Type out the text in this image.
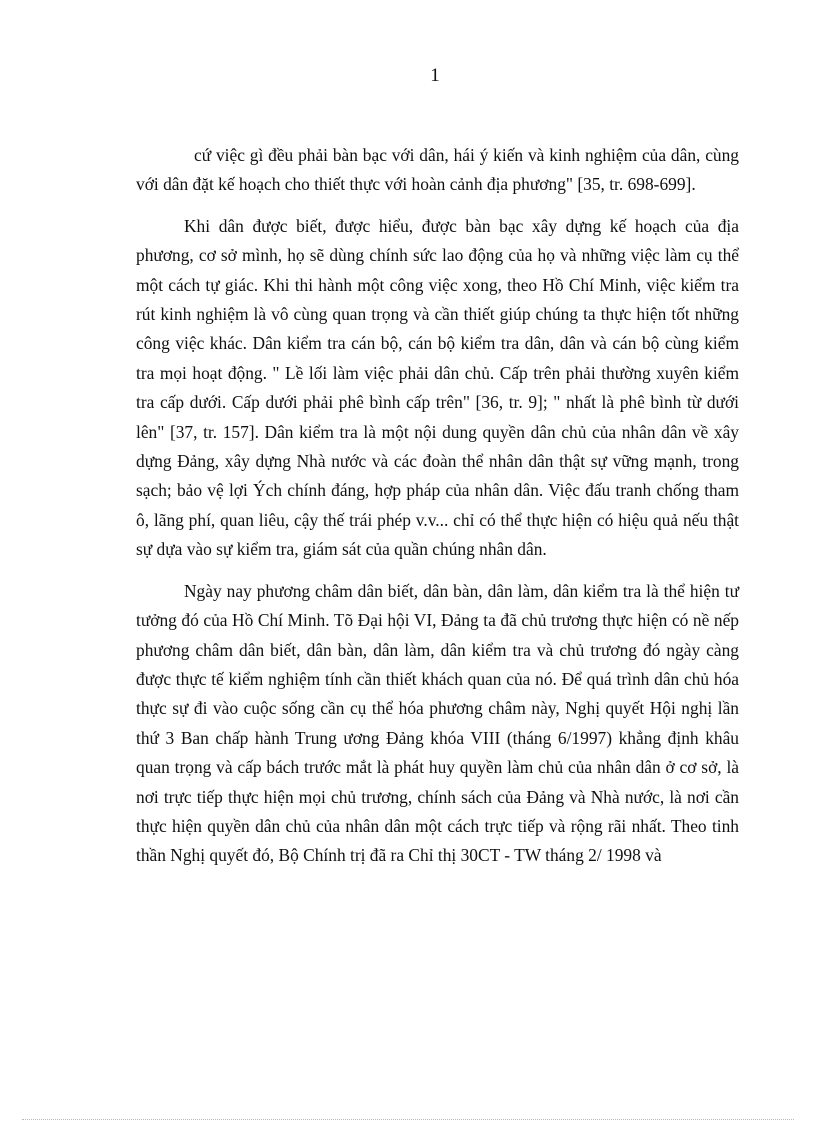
1

cứ việc gì đều phải bàn bạc với dân, hái ý kiến và kinh nghiệm của dân, cùng với dân đặt kế hoạch cho thiết thực với hoàn cảnh địa phương" [35, tr. 698-699].

Khi dân được biết, được hiểu, được bàn bạc xây dựng kế hoạch của địa phương, cơ sở mình, họ sẽ dùng chính sức lao động của họ và những việc làm cụ thể một cách tự giác. Khi thi hành một công việc xong, theo Hồ Chí Minh, việc kiểm tra rút kinh nghiệm là vô cùng quan trọng và cần thiết giúp chúng ta thực hiện tốt những công việc khác. Dân kiểm tra cán bộ, cán bộ kiểm tra dân, dân và cán bộ cùng kiểm tra mọi hoạt động. " Lề lối làm việc phải dân chủ. Cấp trên phải thường xuyên kiểm tra cấp dưới. Cấp dưới phải phê bình cấp trên" [36, tr. 9]; " nhất là phê bình từ dưới lên" [37, tr. 157]. Dân kiểm tra là một nội dung quyền dân chủ của nhân dân về xây dựng Đảng, xây dựng Nhà nước và các đoàn thể nhân dân thật sự vững mạnh, trong sạch; bảo vệ lợi Ých chính đáng, hợp pháp của nhân dân. Việc đấu tranh chống tham ô, lãng phí, quan liêu, cậy thế trái phép v.v... chỉ có thể thực hiện có hiệu quả nếu thật sự dựa vào sự kiểm tra, giám sát của quần chúng nhân dân.

Ngày nay phương châm dân biết, dân bàn, dân làm, dân kiểm tra là thể hiện tư tưởng đó của Hồ Chí Minh. Tõ Đại hội VI, Đảng ta đã chủ trương thực hiện có nề nếp phương châm dân biết, dân bàn, dân làm, dân kiểm tra và chủ trương đó ngày càng được thực tế kiểm nghiệm tính cần thiết khách quan của nó. Để quá trình dân chủ hóa thực sự đi vào cuộc sống cần cụ thể hóa phương châm này, Nghị quyết Hội nghị lần thứ 3 Ban chấp hành Trung ương Đảng khóa VIII (tháng 6/1997) khẳng định khâu quan trọng và cấp bách trước mắt là phát huy quyền làm chủ của nhân dân ở cơ sở, là nơi trực tiếp thực hiện mọi chủ trương, chính sách của Đảng và Nhà nước, là nơi cần thực hiện quyền dân chủ của nhân dân một cách trực tiếp và rộng rãi nhất. Theo tinh thần Nghị quyết đó, Bộ Chính trị đã ra Chỉ thị 30CT - TW tháng 2/ 1998 và
